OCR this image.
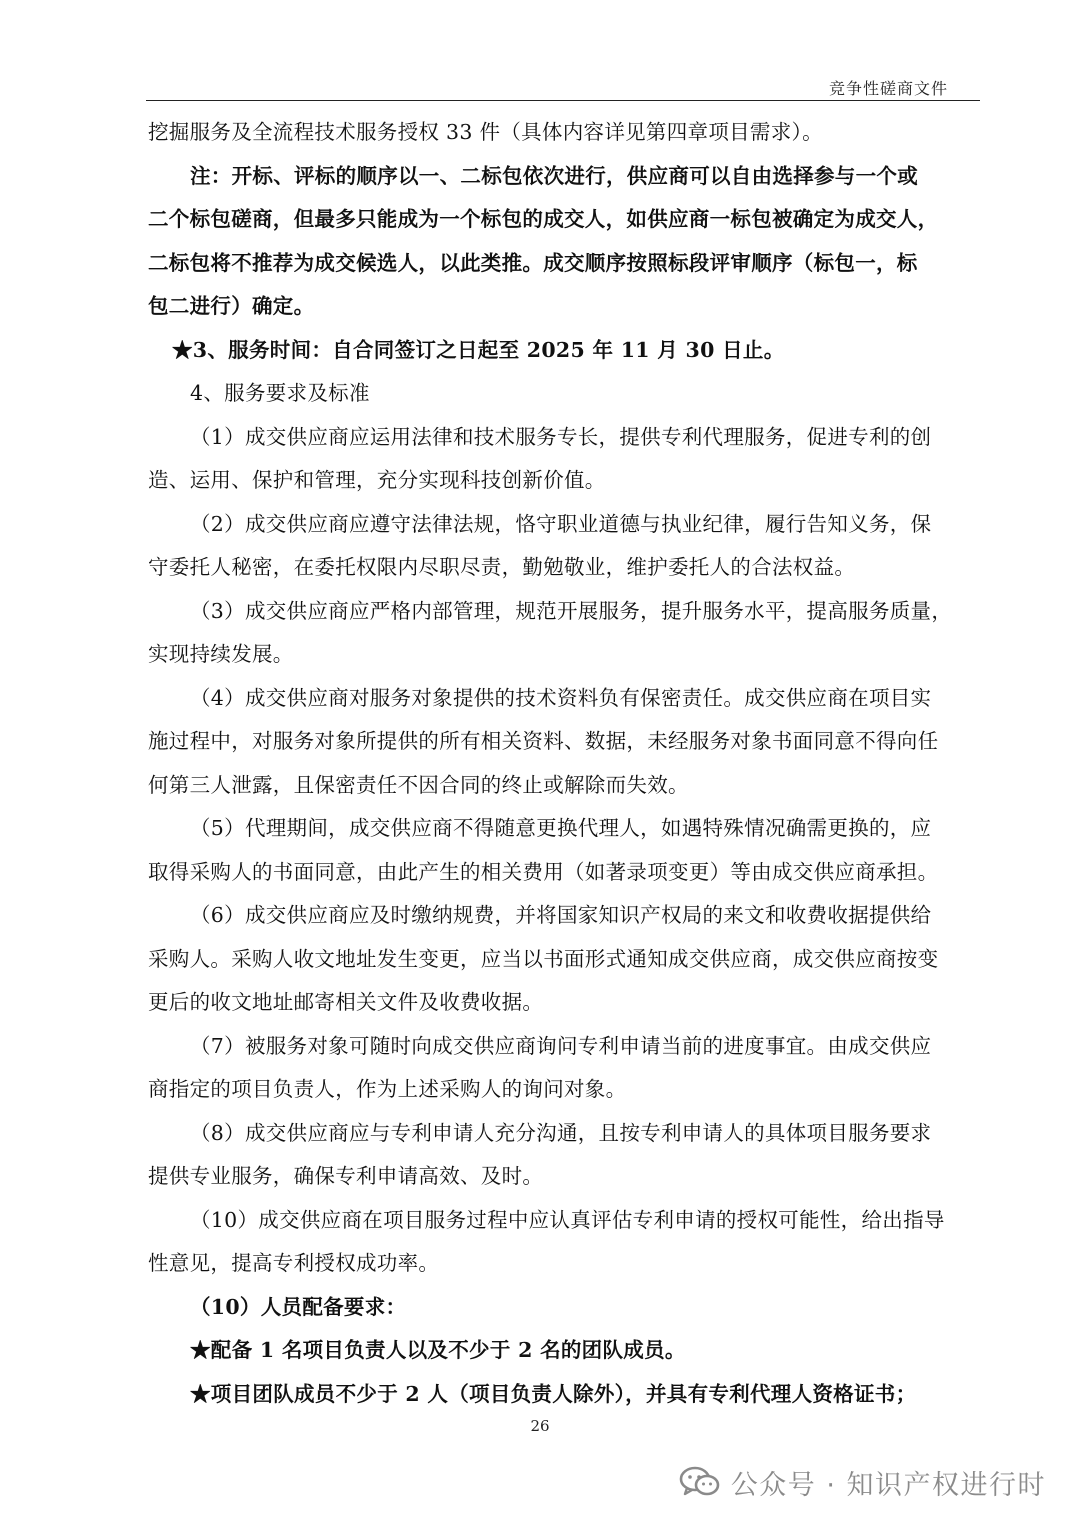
竞争性磋商文件

挖掘服务及全流程技术服务授权 33 件（具体内容详见第四章项目需求）。

注：开标、评标的顺序以一、二标包依次进行，供应商可以自由选择参与一个或

二个标包磋商，但最多只能成为一个标包的成交人，如供应商一标包被确定为成交人，

二标包将不推荐为成交候选人，以此类推。成交顺序按照标段评审顺序（标包一，标

包二进行）确定。

★3、服务时间：自合同签订之日起至 2025 年 11 月 30 日止。

4、服务要求及标准

（1）成交供应商应运用法律和技术服务专长，提供专利代理服务，促进专利的创

造、运用、保护和管理，充分实现科技创新价值。

（2）成交供应商应遵守法律法规，恪守职业道德与执业纪律，履行告知义务，保

守委托人秘密，在委托权限内尽职尽责，勤勉敬业，维护委托人的合法权益。

（3）成交供应商应严格内部管理，规范开展服务，提升服务水平，提高服务质量，

实现持续发展。

（4）成交供应商对服务对象提供的技术资料负有保密责任。成交供应商在项目实

施过程中，对服务对象所提供的所有相关资料、数据，未经服务对象书面同意不得向任

何第三人泄露，且保密责任不因合同的终止或解除而失效。

（5）代理期间，成交供应商不得随意更换代理人，如遇特殊情况确需更换的，应

取得采购人的书面同意，由此产生的相关费用（如著录项变更）等由成交供应商承担。

（6）成交供应商应及时缴纳规费，并将国家知识产权局的来文和收费收据提供给

采购人。采购人收文地址发生变更，应当以书面形式通知成交供应商，成交供应商按变

更后的收文地址邮寄相关文件及收费收据。

（7）被服务对象可随时向成交供应商询问专利申请当前的进度事宜。由成交供应

商指定的项目负责人，作为上述采购人的询问对象。

（8）成交供应商应与专利申请人充分沟通，且按专利申请人的具体项目服务要求

提供专业服务，确保专利申请高效、及时。

（10）成交供应商在项目服务过程中应认真评估专利申请的授权可能性，给出指导

性意见，提高专利授权成功率。

（10）人员配备要求：

★配备 1 名项目负责人以及不少于 2 名的团队成员。

★项目团队成员不少于 2 人（项目负责人除外），并具有专利代理人资格证书；

26
公众号 · 知识产权进行时
